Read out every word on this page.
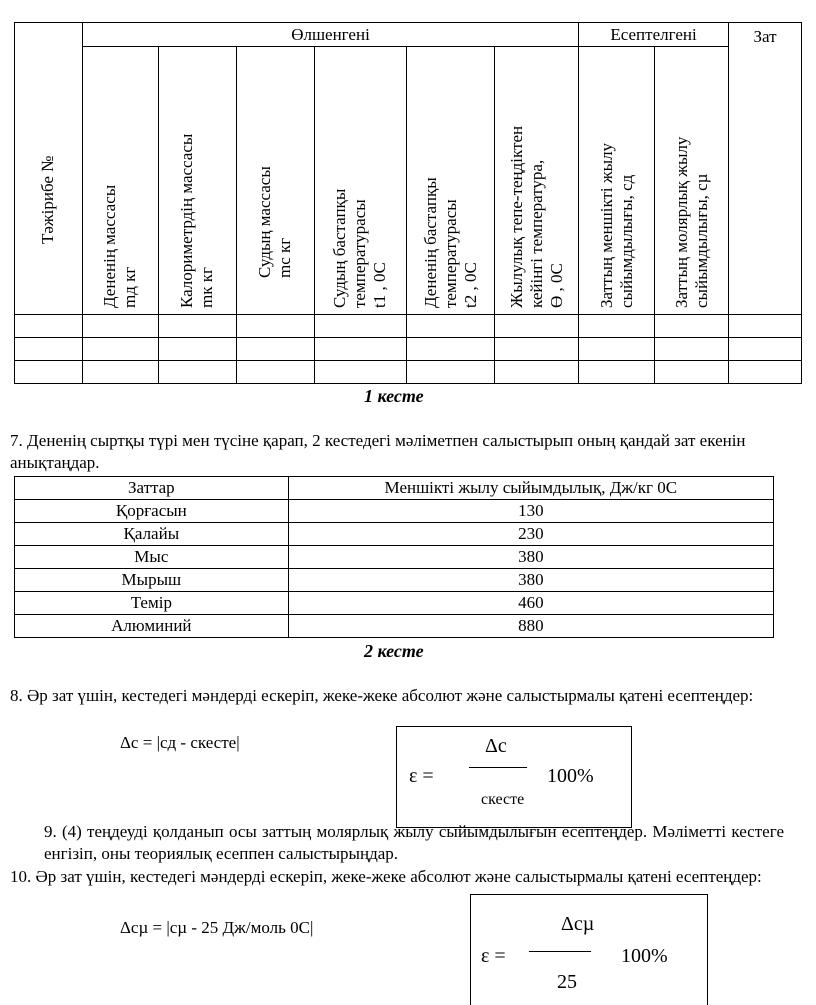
Тәжірибе №	Өлшенгені						Есептелгені		Зат

	Дененің массасы mд кг	Калориметрдің массасы mк кг	Судың массасы mс кг	Судың бастапқы температурасы t1 , 0С	Дененің бастапқы температурасы t2 , 0С	Жылулық тепе-теңдіктен кейінгі температура, Ɵ , 0С	Заттың меншікті жылу сыйымдылығы, сд	Заттың молярлық жылу сыйымдылығы, сµ	

1 кесте
7. Дененің сыртқы түрі мен түсіне қарап, 2 кестедегі мәліметпен салыстырып оның қандай зат екенін анықтаңдар.
Заттар	Меншікті жылу сыйымдылық, Дж/кг 0С
Қорғасын	130
Қалайы	230
Мыс	380
Мырыш	380
Темір	460
Алюминий	880
2 кесте
8. Әр зат үшін, кестедегі мәндерді ескеріп, жеке-жеке абсолют және салыстырмалы қатені есептеңдер:
Δc = |cд - cкесте|
ε =
Δc
cкесте
100%
9. (4) теңдеуді қолданып осы заттың молярлық жылу сыйымдылығын есептеңдер. Мәліметті кестеге енгізіп, оны теориялық есеппен салыстырыңдар.
10. Әр зат үшін, кестедегі мәндерді ескеріп, жеке-жеке абсолют және салыстырмалы қатені есептеңдер:
Δcµ = |cµ - 25 Дж/моль 0С|
ε =
Δcµ
25
100%
